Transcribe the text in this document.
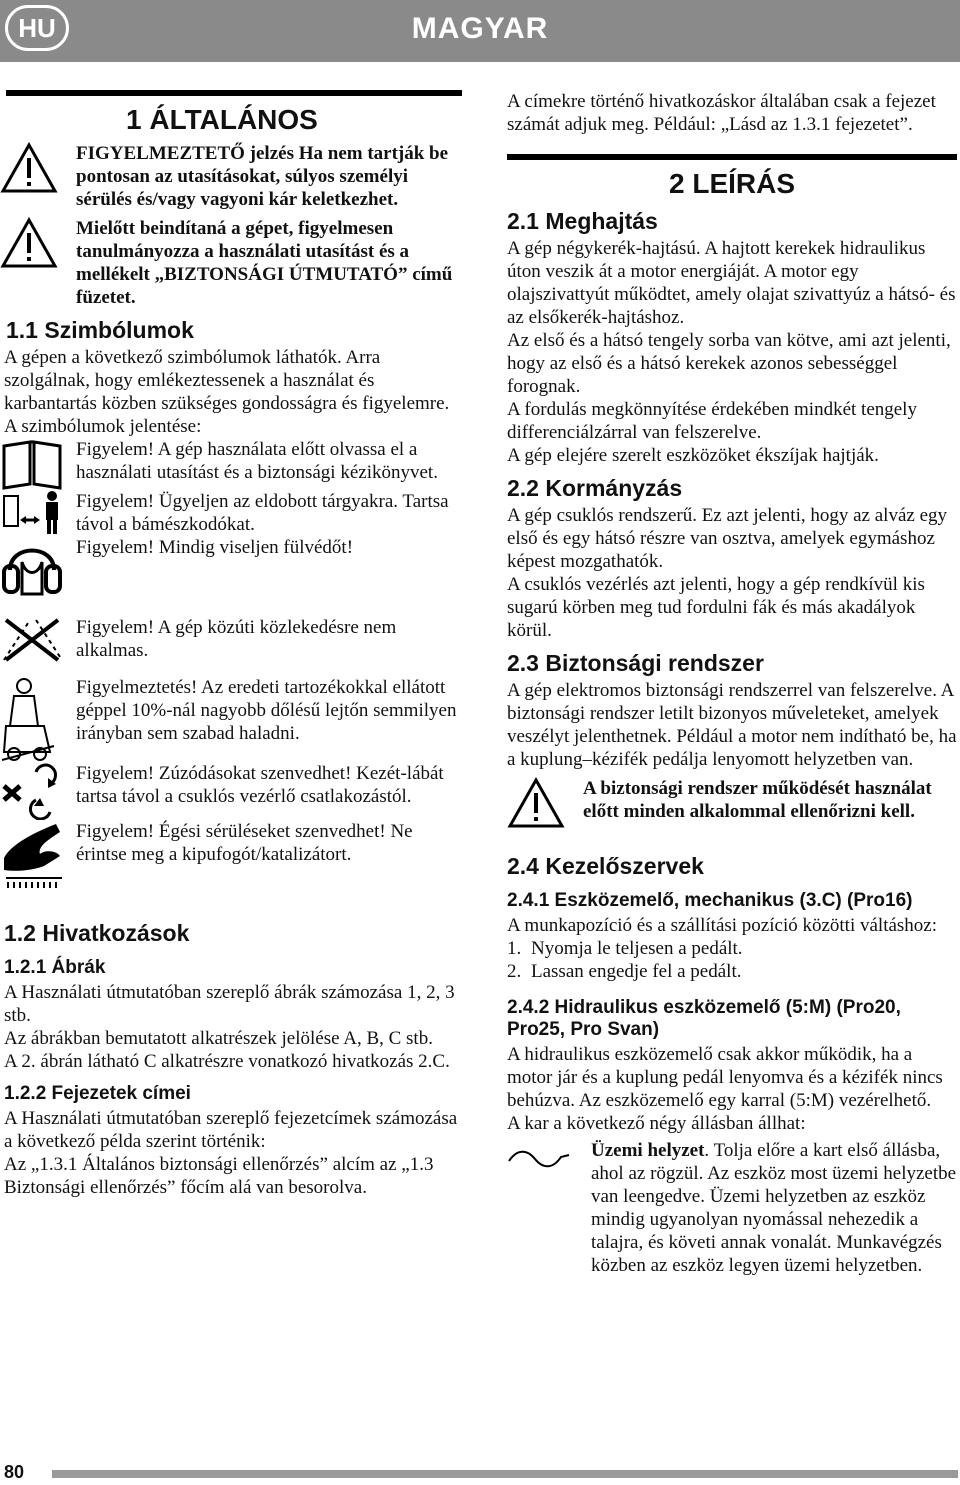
HU	MAGYAR
1 ÁLTALÁNOS
FIGYELMEZTETŐ jelzés Ha nem tartják be pontosan az utasításokat, súlyos személyi sérülés és/vagy vagyoni kár keletkezhet.
Mielőtt beindítaná a gépet, figyelmesen tanulmányozza a használati utasítást és a mellékelt „BIZTONSÁGI ÚTMUTATÓ” című füzetet.
1.1 Szimbólumok

A gépen a következő szimbólumok láthatók. Arra szolgálnak, hogy emlékeztessenek a használat és karbantartás közben szükséges gondosságra és figyelemre.

A szimbólumok jelentése:

Figyelem! A gép használata előtt olvassa el a használati utasítást és a biztonsági kézikönyvet.
Figyelem! Ügyeljen az eldobott tárgyakra. Tartsa távol a bámészkodókat.
Figyelem! Mindig viseljen fülvédőt!
Figyelem! A gép közúti közlekedésre nem alkalmas.
Figyelmeztetés! Az eredeti tartozékokkal ellátott géppel 10%-nál nagyobb dőlésű lejtőn semmilyen irányban sem szabad haladni.
Figyelem! Zúzódásokat szenvedhet! Kezét-lábát tartsa távol a csuklós vezérlő csatlakozástól.
Figyelem! Égési sérüléseket szenvedhet! Ne érintse meg a kipufogót/katalizátort.
1.2 Hivatkozások
1.2.1 Ábrák

A Használati útmutatóban szereplő ábrák számozása 1, 2, 3 stb.

Az ábrákban bemutatott alkatrészek jelölése A, B, C stb.

A 2. ábrán látható C alkatrészre vonatkozó hivatkozás 2.C.

1.2.2 Fejezetek címei

A Használati útmutatóban szereplő fejezetcímek számozása a következő példa szerint történik:

Az „1.3.1 Általános biztonsági ellenőrzés” alcím az „1.3 Biztonsági ellenőrzés” főcím alá van besorolva.

A címekre történő hivatkozáskor általában csak a fejezet számát adjuk meg. Például: „Lásd az 1.3.1 fejezetet”.

2 LEÍRÁS
2.1 Meghajtás

A gép négykerék-hajtású. A hajtott kerekek hidraulikus úton veszik át a motor energiáját. A motor egy olajszivattyút működtet, amely olajat szivattyúz a hátsó- és az elsőkerék-hajtáshoz.

Az első és a hátsó tengely sorba van kötve, ami azt jelenti, hogy az első és a hátsó kerekek azonos sebességgel forognak.

A fordulás megkönnyítése érdekében mindkét tengely differenciálzárral van felszerelve.

A gép elejére szerelt eszközöket ékszíjak hajtják.

2.2 Kormányzás

A gép csuklós rendszerű. Ez azt jelenti, hogy az alváz egy első és egy hátsó részre van osztva, amelyek egymáshoz képest mozgathatók.

A csuklós vezérlés azt jelenti, hogy a gép rendkívül kis sugarú körben meg tud fordulni fák és más akadályok körül.

2.3 Biztonsági rendszer

A gép elektromos biztonsági rendszerrel van felszerelve. A biztonsági rendszer letilt bizonyos műveleteket, amelyek veszélyt jelenthetnek. Például a motor nem indítható be, ha a kuplung–kézifék pedálja lenyomott helyzetben van.

A biztonsági rendszer működését használat előtt minden alkalommal ellenőrizni kell.
2.4 Kezelőszervek
2.4.1 Eszközemelő, mechanikus (3.C) (Pro16)

A munkapozíció és a szállítási pozíció közötti váltáshoz:

1. Nyomja le teljesen a pedált.
2. Lassan engedje fel a pedált.
2.4.2 Hidraulikus eszközemelő (5:M) (Pro20, Pro25, Pro Svan)

A hidraulikus eszközemelő csak akkor működik, ha a motor jár és a kuplung pedál lenyomva és a kézifék nincs behúzva. Az eszközemelő egy karral (5:M) vezérelhető.

A kar a következő négy állásban állhat:

Üzemi helyzet. Tolja előre a kart első állásba, ahol az rögzül. Az eszköz most üzemi helyzetbe van leengedve. Üzemi helyzetben az eszköz mindig ugyanolyan nyomással nehezedik a talajra, és követi annak vonalát. Munkavégzés közben az eszköz legyen üzemi helyzetben.
80
